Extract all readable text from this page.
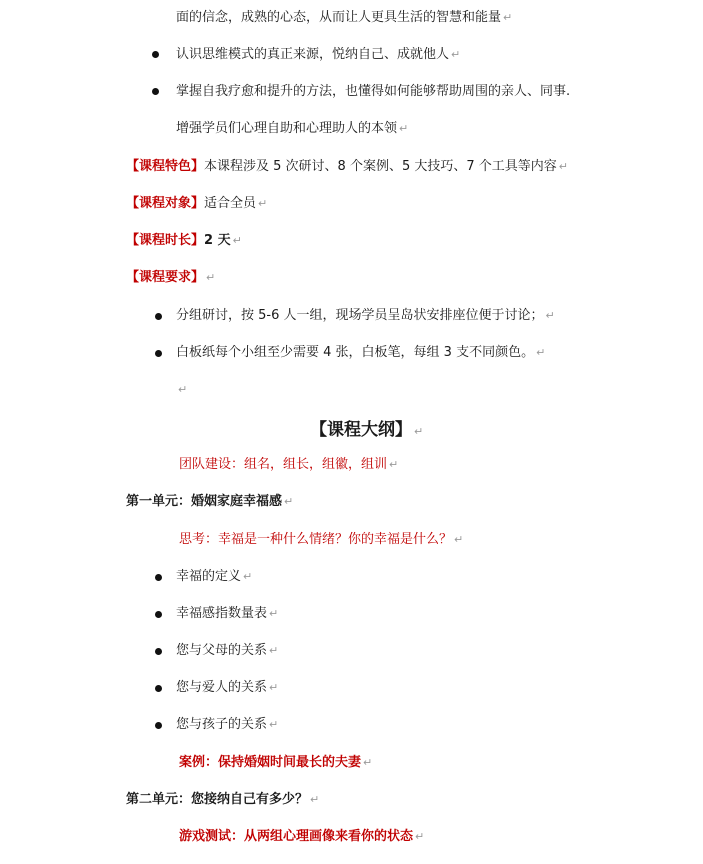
面的信念，成熟的心态，从而让人更具生活的智慧和能量 ↵
认识思维模式的真正来源，悦纳自己、成就他人 ↵
掌握自我疗愈和提升的方法，也懂得如何能够帮助周围的亲人、同事.
增强学员们心理自助和心理助人的本领 ↵
【课程特色】本课程涉及 5 次研讨、8 个案例、5 大技巧、7 个工具等内容 ↵
【课程对象】适合全员 ↵
【课程时长】2 天 ↵
【课程要求】 ↵
分组研讨，按 5-6 人一组，现场学员呈岛状安排座位便于讨论； ↵
白板纸每个小组至少需要 4 张，白板笔，每组 3 支不同颜色。 ↵
↵
【课程大纲】 ↵
团队建设：组名，组长，组徽，组训 ↵
第一单元：婚姻家庭幸福感 ↵
思考：幸福是一种什么情绪？你的幸福是什么？ ↵
幸福的定义 ↵
幸福感指数量表 ↵
您与父母的关系 ↵
您与爱人的关系 ↵
您与孩子的关系 ↵
案例：保持婚姻时间最长的夫妻 ↵
第二单元：您接纳自己有多少？ ↵
游戏测试：从两组心理画像来看你的状态 ↵
